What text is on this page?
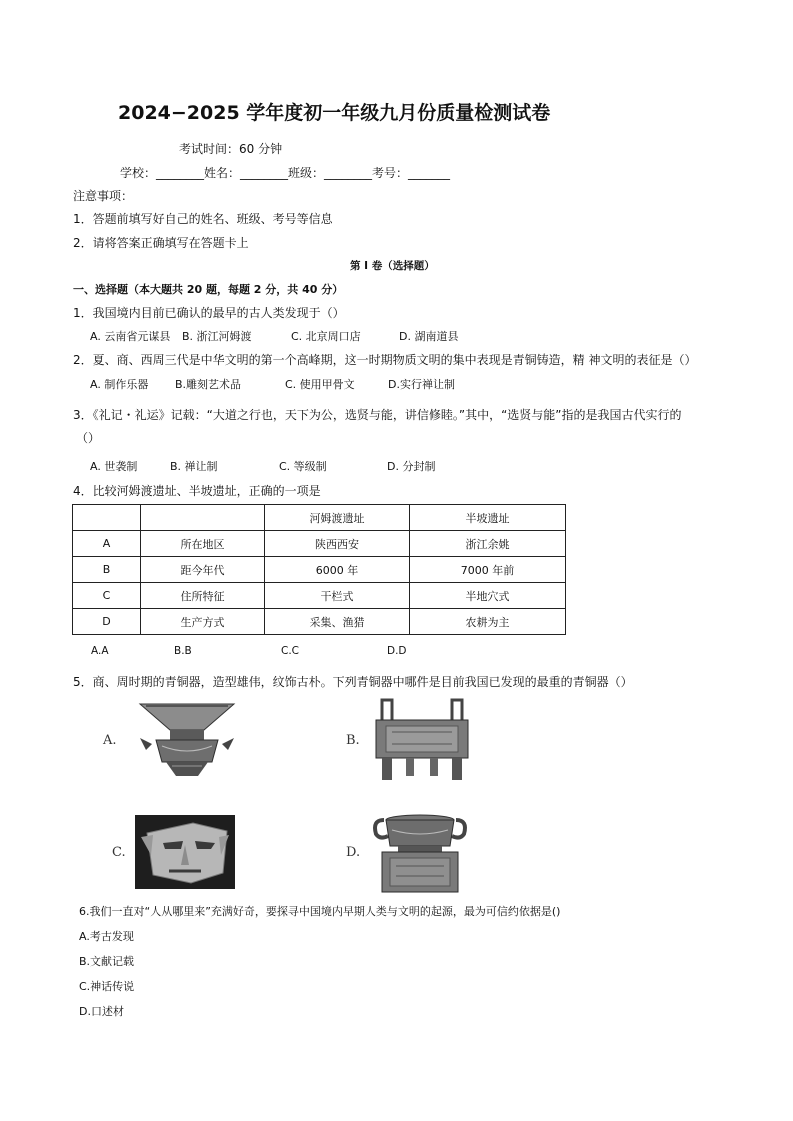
2024−2025 学年度初一年级九月份质量检测试卷
考试时间：60 分钟
学校：________姓名：________班级：________考号：_______
注意事项：
1．答题前填写好自己的姓名、班级、考号等信息
2．请将答案正确填写在答题卡上
第 I 卷（选择题）
一、选择题（本大题共 20 题，每题 2 分，共 40 分）
1．我国境内目前已确认的最早的古人类发现于（）
A. 云南省元谋县 B. 浙江河姆渡	C. 北京周口店	D. 湖南道县
2．夏、商、西周三代是中华文明的第一个高峰期，这一时期物质文明的集中表现是青铜铸造，精 神文明的表征是（）
A. 制作乐器 B.雕刻艺术品	C. 使用甲骨文	D.实行禅让制
3．《礼记・礼运》记载：“大道之行也，天下为公，选贤与能，讲信修睦。”其中，“选贤与能”指的是我国古代实行的
（）
A. 世袭制	B. 禅让制	C. 等级制	D. 分封制
4．比较河姆渡遗址、半坡遗址，正确的一项是
		河姆渡遗址	半坡遗址
A	所在地区	陕西西安	浙江余姚
B	距今年代	6000 年	7000 年前
C	住所特征	干栏式	半地穴式
D	生产方式	采集、渔猎	农耕为主
A.A	B.B	C.C	D.D
5．商、周时期的青铜器，造型雄伟，纹饰古朴。下列青铜器中哪件是目前我国已发现的最重的青铜器（）
A.	B.
C.	D.
6.我们一直对“人从哪里来”充满好奇，要探寻中国境内早期人类与文明的起源，最为可信约依据是()
A.考古发现
B.文献记载
C.神话传说
D.口述材
